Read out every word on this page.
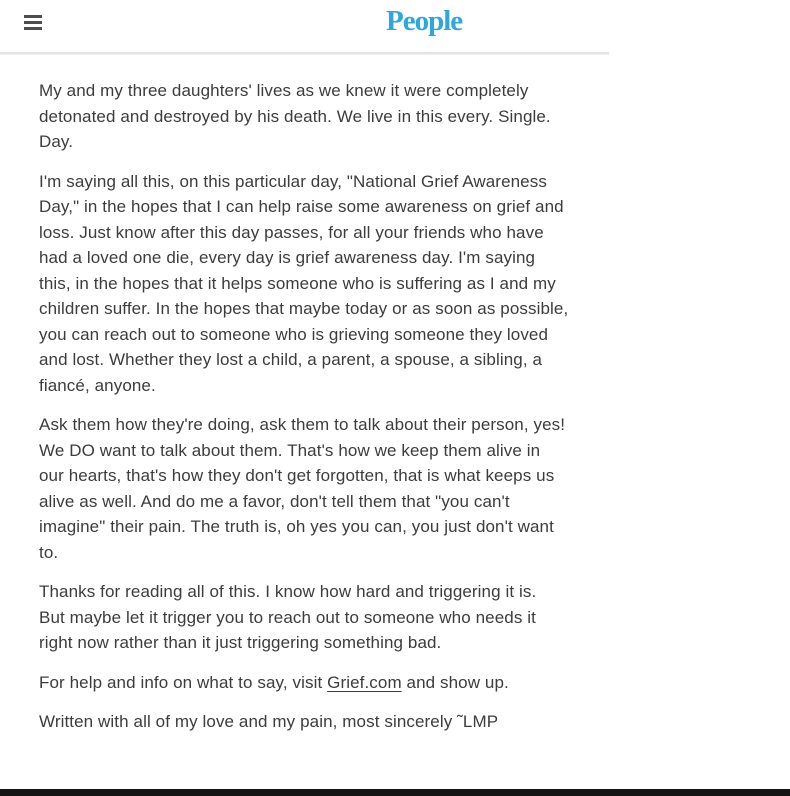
People

My and my three daughters' lives as we knew it were completely
detonated and destroyed by his death. We live in this every. Single.
Day.

I'm saying all this, on this particular day, "National Grief Awareness
Day," in the hopes that I can help raise some awareness on grief and
loss. Just know after this day passes, for all your friends who have
had a loved one die, every day is grief awareness day. I'm saying
this, in the hopes that it helps someone who is suffering as I and my
children suffer. In the hopes that maybe today or as soon as possible,
you can reach out to someone who is grieving someone they loved
and lost. Whether they lost a child, a parent, a spouse, a sibling, a
fiancé, anyone.

Ask them how they're doing, ask them to talk about their person, yes!
We DO want to talk about them. That's how we keep them alive in
our hearts, that's how they don't get forgotten, that is what keeps us
alive as well. And do me a favor, don't tell them that "you can't
imagine" their pain. The truth is, oh yes you can, you just don't want
to.

Thanks for reading all of this. I know how hard and triggering it is.
But maybe let it trigger you to reach out to someone who needs it
right now rather than it just triggering something bad.

For help and info on what to say, visit Grief.com and show up.

Written with all of my love and my pain, most sincerely ˜LMP
